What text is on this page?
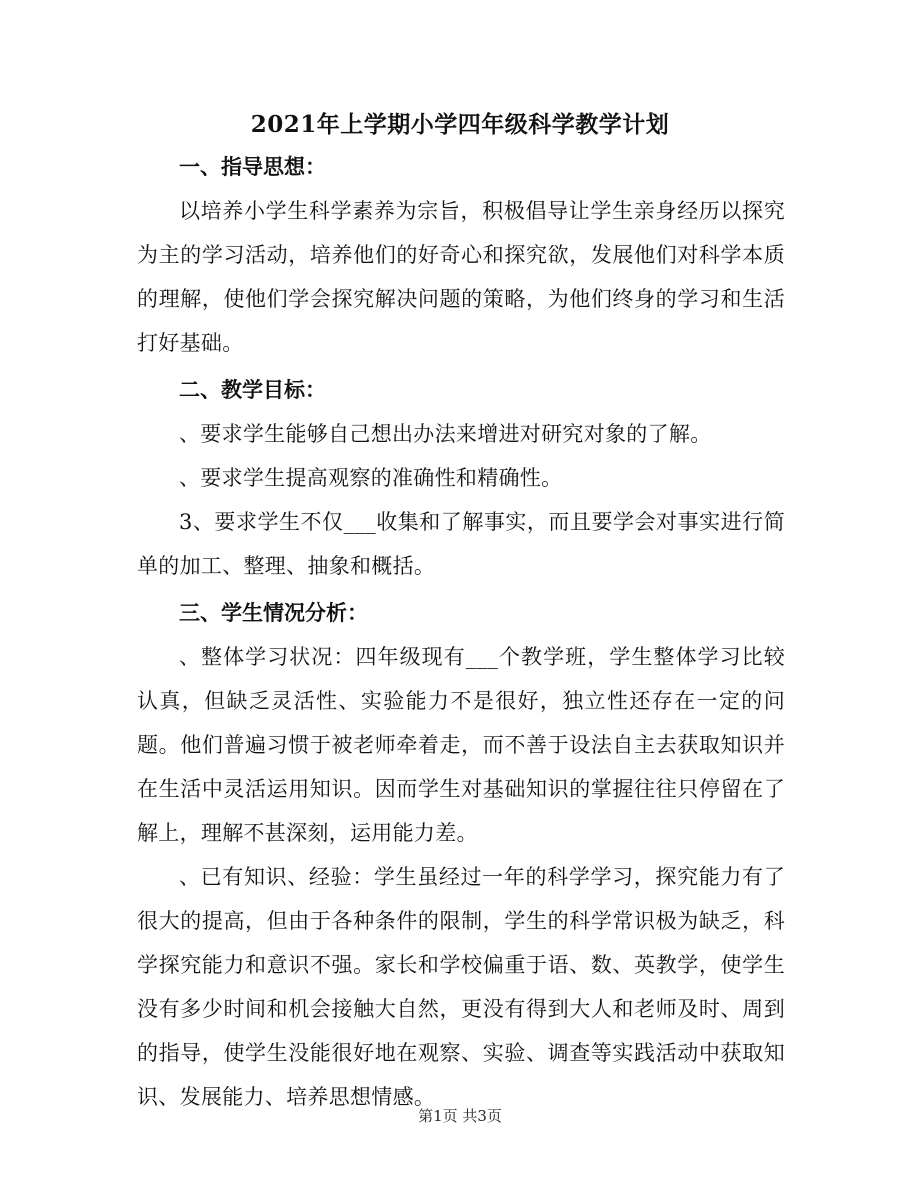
2021年上学期小学四年级科学教学计划

一、指导思想：

以培养小学生科学素养为宗旨，积极倡导让学生亲身经历以探究为主的学习活动，培养他们的好奇心和探究欲，发展他们对科学本质的理解，使他们学会探究解决问题的策略，为他们终身的学习和生活打好基础。

二、教学目标：

、要求学生能够自己想出办法来增进对研究对象的了解。

、要求学生提高观察的准确性和精确性。

3、要求学生不仅___收集和了解事实，而且要学会对事实进行简单的加工、整理、抽象和概括。

三、学生情况分析：

、整体学习状况：四年级现有___个教学班，学生整体学习比较认真，但缺乏灵活性、实验能力不是很好，独立性还存在一定的问题。他们普遍习惯于被老师牵着走，而不善于设法自主去获取知识并在生活中灵活运用知识。因而学生对基础知识的掌握往往只停留在了解上，理解不甚深刻，运用能力差。

、已有知识、经验：学生虽经过一年的科学学习，探究能力有了很大的提高，但由于各种条件的限制，学生的科学常识极为缺乏，科学探究能力和意识不强。家长和学校偏重于语、数、英教学，使学生没有多少时间和机会接触大自然，更没有得到大人和老师及时、周到的指导，使学生没能很好地在观察、实验、调查等实践活动中获取知识、发展能力、培养思想情感。

第1页 共3页
